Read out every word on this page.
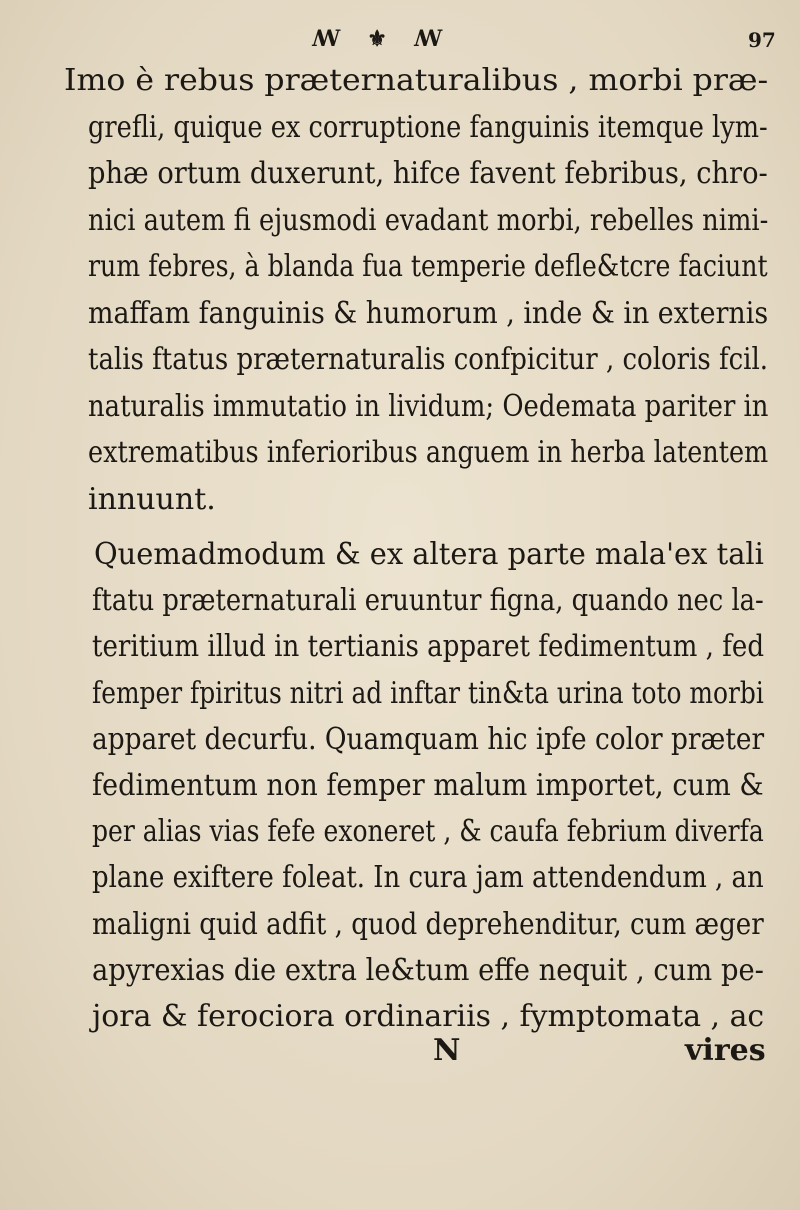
ꟿ ⚜ ꟿ	97
Imo è rebus præternaturalibus , morbi præ-
grefli, quique ex corruptione fanguinis itemque lym-
phæ ortum duxerunt, hifce favent febribus, chro-
nici autem fi ejusmodi evadant morbi, rebelles nimi-
rum febres, à blanda fua temperie defle&tcre faciunt
maffam fanguinis & humorum , inde & in externis
talis ftatus præternaturalis confpicitur , coloris fcil.
naturalis immutatio in lividum; Oedemata pariter in
extrematibus inferioribus anguem in herba latentem
innuunt.
Quemadmodum & ex altera parte mala'ex tali
ftatu præternaturali eruuntur figna, quando nec la-
teritium illud in tertianis apparet fedimentum , fed
femper fpiritus nitri ad inftar tin&ta urina toto morbi
apparet decurfu. Quamquam hic ipfe color præter
fedimentum non femper malum importet, cum &
per alias vias fefe exoneret , & caufa febrium diverfa
plane exiftere foleat. In cura jam attendendum , an
maligni quid adfit , quod deprehenditur, cum æger
apyrexias die extra le&tum effe nequit , cum pe-
jora & ferociora ordinariis , fymptomata , ac
N	vires
